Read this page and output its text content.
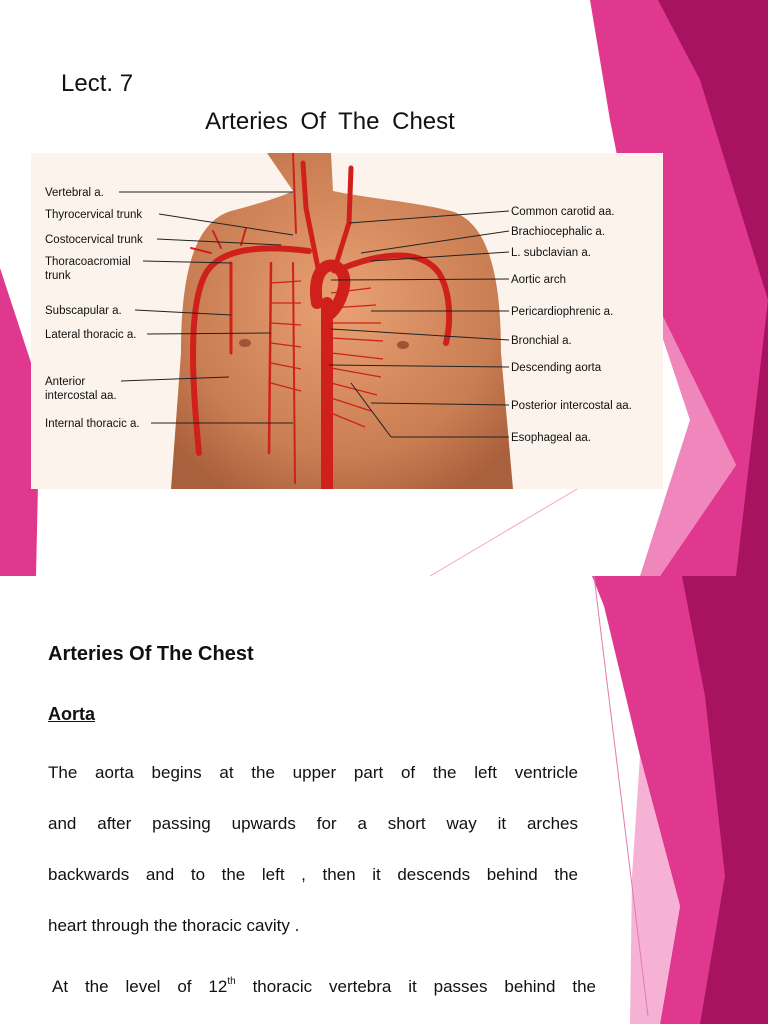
Lect. 7
Arteries Of The Chest
Vertebral a.
Thyrocervical trunk
Costocervical trunk
Thoracoacromial
trunk
Subscapular a.
Lateral thoracic a.
Anterior
intercostal aa.
Internal thoracic a.
Common carotid aa.
Brachiocephalic a.
L. subclavian a.
Aortic arch
Pericardiophrenic a.
Bronchial a.
Descending aorta
Posterior intercostal aa.
Esophageal aa.
Arteries Of The Chest
Aorta
The aorta begins at the upper part of the left ventricle
and after passing upwards for a short way it arches
backwards and to the left , then it descends behind the
heart through the thoracic cavity .
At the level of 12th thoracic vertebra it passes behind the
